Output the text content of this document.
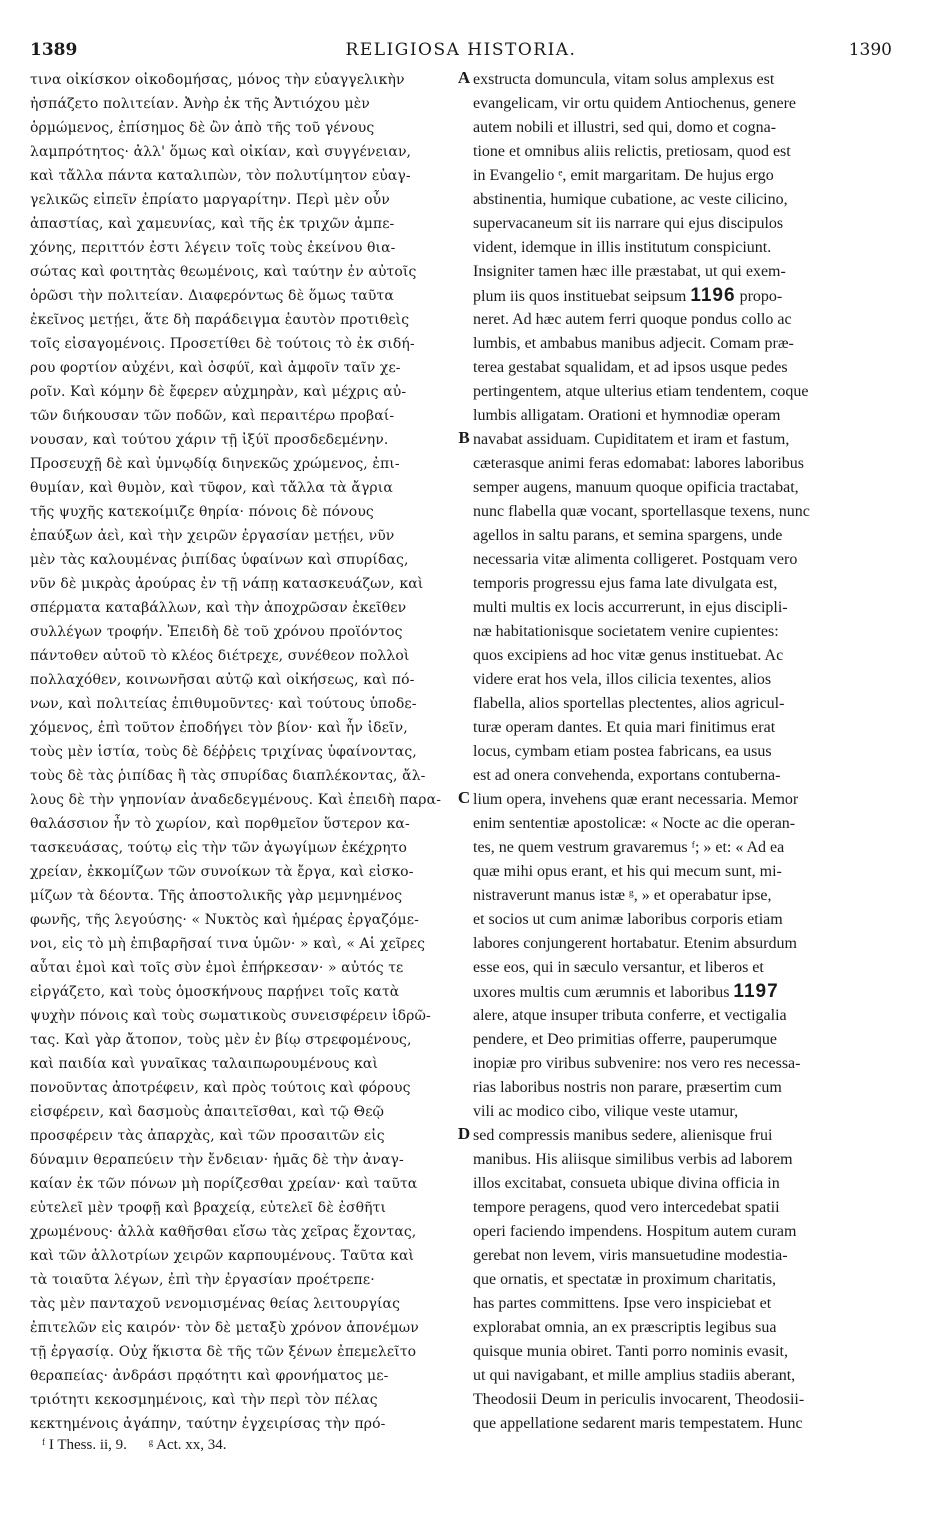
1389	RELIGIOSA HISTORIA.	1390
τινα οἰκίσκον οἰκοδομήσας, μόνος τὴν εὐαγγελικὴν
ἠσπάζετο πολιτείαν. Ἀνὴρ ἐκ τῆς Ἀντιόχου μὲν
ὁρμώμενος, ἐπίσημος δὲ ὢν ἀπὸ τῆς τοῦ γένους
λαμπρότητος· ἀλλ' ὅμως καὶ οἰκίαν, καὶ συγγένειαν,
καὶ τἄλλα πάντα καταλιπὼν, τὸν πολυτίμητον εὐαγ-
γελικῶς εἰπεῖν ἐπρίατο μαργαρίτην. Περὶ μὲν οὖν
ἀπαστίας, καὶ χαμευνίας, καὶ τῆς ἐκ τριχῶν ἀμπε-
χόνης, περιττόν ἐστι λέγειν τοῖς τοὺς ἐκείνου θια-
σώτας καὶ φοιτητὰς θεωμένοις, καὶ ταύτην ἐν αὐτοῖς
ὁρῶσι τὴν πολιτείαν. Διαφερόντως δὲ ὅμως ταῦτα
ἐκεῖνος μετῄει, ἅτε δὴ παράδειγμα ἑαυτὸν προτιθεὶς
τοῖς εἰσαγομένοις. Προσετίθει δὲ τούτοις τὸ ἐκ σιδή-
ρου φορτίον αὐχένι, καὶ ὀσφύϊ, καὶ ἀμφοῖν ταῖν χε-
ροῖν. Καὶ κόμην δὲ ἔφερεν αὐχμηρὰν, καὶ μέχρις αὐ-
τῶν διήκουσαν τῶν ποδῶν, καὶ περαιτέρω προβαί-
νουσαν, καὶ τούτου χάριν τῇ ἰξύϊ προσδεδεμένην.
Προσευχῇ δὲ καὶ ὑμνῳδίᾳ διηνεκῶς χρώμενος, ἐπι-
θυμίαν, καὶ θυμὸν, καὶ τῦφον, καὶ τἄλλα τὰ ἄγρια
τῆς ψυχῆς κατεκοίμιζε θηρία· πόνοις δὲ πόνους
ἐπαύξων ἀεὶ, καὶ τὴν χειρῶν ἐργασίαν μετῄει, νῦν
μὲν τὰς καλουμένας ῥιπίδας ὑφαίνων καὶ σπυρίδας,
νῦν δὲ μικρὰς ἀρούρας ἐν τῇ νάπῃ κατασκευάζων, καὶ
σπέρματα καταβάλλων, καὶ τὴν ἀποχρῶσαν ἐκεῖθεν
συλλέγων τροφήν. Ἐπειδὴ δὲ τοῦ χρόνου προϊόντος
πάντοθεν αὐτοῦ τὸ κλέος διέτρεχε, συνέθεον πολλοὶ
πολλαχόθεν, κοινωνῆσαι αὐτῷ καὶ οἰκήσεως, καὶ πό-
νων, καὶ πολιτείας ἐπιθυμοῦντες· καὶ τούτους ὑποδε-
χόμενος, ἐπὶ τοῦτον ἐποδήγει τὸν βίον· καὶ ἦν ἰδεῖν,
τοὺς μὲν ἱστία, τοὺς δὲ δέῤῥεις τριχίνας ὑφαίνοντας,
τοὺς δὲ τὰς ῥιπίδας ἢ τὰς σπυρίδας διαπλέκοντας, ἄλ-
λους δὲ τὴν γηπονίαν ἀναδεδεγμένους. Καὶ ἐπειδὴ παρα-
θαλάσσιον ἦν τὸ χωρίον, καὶ πορθμεῖον ὕστερον κα-
τασκευάσας, τούτῳ εἰς τὴν τῶν ἀγωγίμων ἐκέχρητο
χρείαν, ἐκκομίζων τῶν συνοίκων τὰ ἔργα, καὶ εἰσκο-
μίζων τὰ δέοντα. Τῆς ἀποστολικῆς γὰρ μεμνημένος
φωνῆς, τῆς λεγούσης· « Νυκτὸς καὶ ἡμέρας ἐργαζόμε-
νοι, εἰς τὸ μὴ ἐπιβαρῆσαί τινα ὑμῶν· » καὶ, « Αἱ χεῖρες
αὗται ἐμοὶ καὶ τοῖς σὺν ἐμοὶ ἐπήρκεσαν· » αὐτός τε
εἰργάζετο, καὶ τοὺς ὁμοσκήνους παρῄνει τοῖς κατὰ
ψυχὴν πόνοις καὶ τοὺς σωματικοὺς συνεισφέρειν ἱδρῶ-
τας. Καὶ γὰρ ἄτοπον, τοὺς μὲν ἐν βίῳ στρεφομένους,
καὶ παιδία καὶ γυναῖκας ταλαιπωρουμένους καὶ
πονοῦντας ἀποτρέφειν, καὶ πρὸς τούτοις καὶ φόρους
εἰσφέρειν, καὶ δασμοὺς ἀπαιτεῖσθαι, καὶ τῷ Θεῷ
προσφέρειν τὰς ἀπαρχὰς, καὶ τῶν προσαιτῶν εἰς
δύναμιν θεραπεύειν τὴν ἔνδειαν· ἡμᾶς δὲ τὴν ἀναγ-
καίαν ἐκ τῶν πόνων μὴ πορίζεσθαι χρείαν· καὶ ταῦτα
εὐτελεῖ μὲν τροφῇ καὶ βραχείᾳ, εὐτελεῖ δὲ ἐσθῆτι
χρωμένους· ἀλλὰ καθῆσθαι εἴσω τὰς χεῖρας ἔχοντας,
καὶ τῶν ἀλλοτρίων χειρῶν καρπουμένους. Ταῦτα καὶ
τὰ τοιαῦτα λέγων, ἐπὶ τὴν ἐργασίαν προέτρεπε·
τὰς μὲν πανταχοῦ νενομισμένας θείας λειτουργίας
ἐπιτελῶν εἰς καιρόν· τὸν δὲ μεταξὺ χρόνον ἀπονέμων
τῇ ἐργασίᾳ. Οὐχ ἥκιστα δὲ τῆς τῶν ξένων ἐπεμελεῖτο
θεραπείας· ἀνδράσι πρᾳότητι καὶ φρονήματος με-
τριότητι κεκοσμημένοις, καὶ τὴν περὶ τὸν πέλας
κεκτημένοις ἀγάπην, ταύτην ἐγχειρίσας τὴν πρό-
A
B
C
D
exstructa domuncula, vitam solus amplexus est
evangelicam, vir ortu quidem Antiochenus, genere
autem nobili et illustri, sed qui, domo et cogna-
tione et omnibus aliis relictis, pretiosam, quod est
in Evangelio ᵉ, emit margaritam. De hujus ergo
abstinentia, humique cubatione, ac veste cilicino,
supervacaneum sit iis narrare qui ejus discipulos
vident, idemque in illis institutum conspiciunt.
Insigniter tamen hæc ille præstabat, ut qui exem-
plum iis quos instituebat seipsum 1196 propo-
neret. Ad hæc autem ferri quoque pondus collo ac
lumbis, et ambabus manibus adjecit. Comam præ-
terea gestabat squalidam, et ad ipsos usque pedes
pertingentem, atque ulterius etiam tendentem, coque
lumbis alligatam. Orationi et hymnodiæ operam
navabat assiduam. Cupiditatem et iram et fastum,
cæterasque animi feras edomabat: labores laboribus
semper augens, manuum quoque opificia tractabat,
nunc flabella quæ vocant, sportellasque texens, nunc
agellos in saltu parans, et semina spargens, unde
necessaria vitæ alimenta colligeret. Postquam vero
temporis progressu ejus fama late divulgata est,
multi multis ex locis accurrerunt, in ejus discipli-
næ habitationisque societatem venire cupientes:
quos excipiens ad hoc vitæ genus instituebat. Ac
videre erat hos vela, illos cilicia texentes, alios
flabella, alios sportellas plectentes, alios agricul-
turæ operam dantes. Et quia mari finitimus erat
locus, cymbam etiam postea fabricans, ea usus
est ad onera convehenda, exportans contuberna-
lium opera, invehens quæ erant necessaria. Memor
enim sententiæ apostolicæ: « Nocte ac die operan-
tes, ne quem vestrum gravaremus ᶠ; » et: « Ad ea
quæ mihi opus erant, et his qui mecum sunt, mi-
nistraverunt manus istæ ᵍ, » et operabatur ipse,
et socios ut cum animæ laboribus corporis etiam
labores conjungerent hortabatur. Etenim absurdum
esse eos, qui in sæculo versantur, et liberos et
uxores multis cum ærumnis et laboribus 1197
alere, atque insuper tributa conferre, et vectigalia
pendere, et Deo primitias offerre, pauperumque
inopiæ pro viribus subvenire: nos vero res necessa-
rias laboribus nostris non parare, præsertim cum
vili ac modico cibo, vilique veste utamur,
sed compressis manibus sedere, alienisque frui
manibus. His aliisque similibus verbis ad laborem
illos excitabat, consueta ubique divina officia in
tempore peragens, quod vero intercedebat spatii
operi faciendo impendens. Hospitum autem curam
gerebat non levem, viris mansuetudine modestia-
que ornatis, et spectatæ in proximum charitatis,
has partes committens. Ipse vero inspiciebat et
explorabat omnia, an ex præscriptis legibus sua
quisque munia obiret. Tanti porro nominis evasit,
ut qui navigabant, et mille amplius stadiis aberant,
Theodosii Deum in periculis invocarent, Theodosii-
que appellatione sedarent maris tempestatem. Hunc
ᶠ I Thess. ii, 9. ᵍ Act. xx, 34.
